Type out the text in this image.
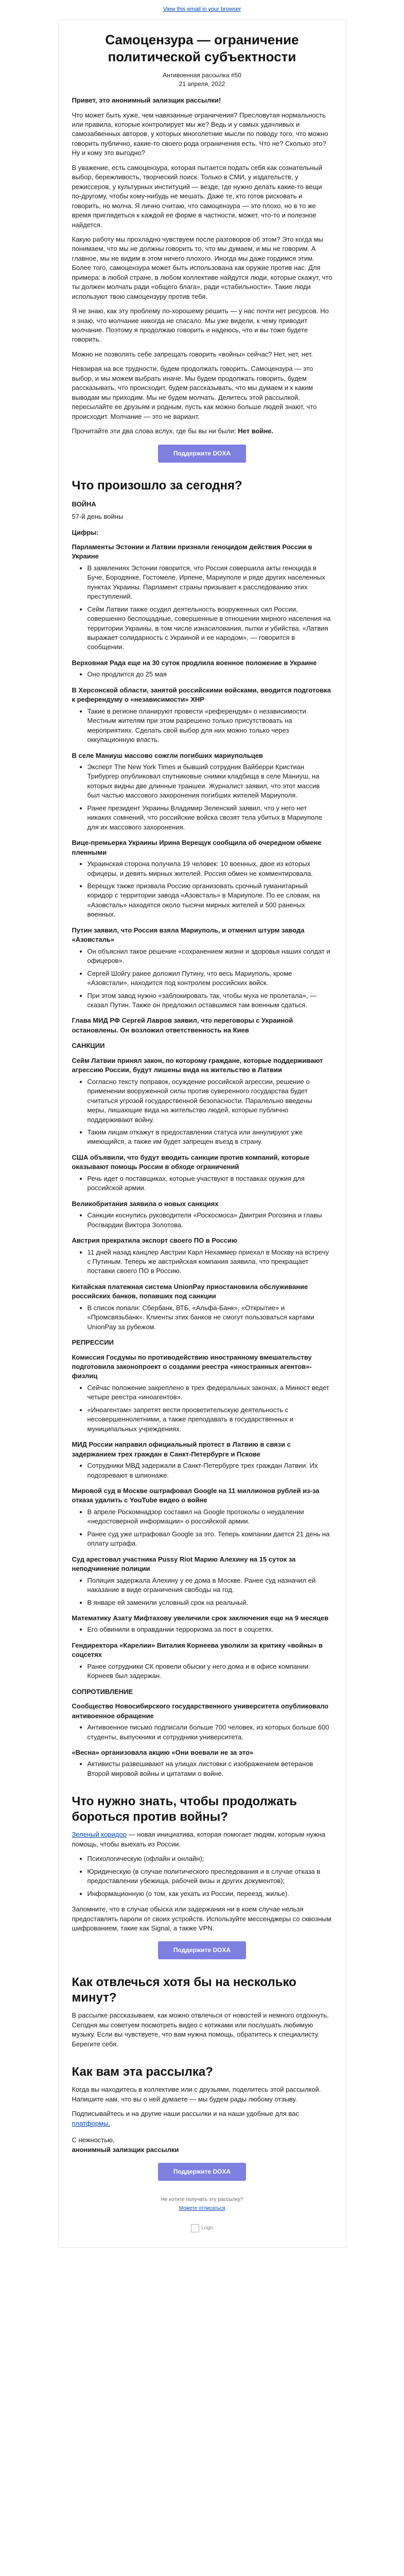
View this email in your browser
Самоцензура — ограничение политической субъектности
Антивоенная рассылка #50
21 апреля, 2022

Привет, это анонимный зализщик рассылки!

Что может быть хуже, чем навязанные ограничения? Пресловутая нормальность или правила, которые контролирует мы же? Ведь и у самых удачливых и самозабвенных авторов, у которых многолетние мысли по поводу того, что можно говорить публично, какие-то своего рода ограничения есть. Что не? Сколько это? Ну и кому это выгодно?

В уважение, есть самоцензура, которая пытается подать себя как сознательный выбор, бережливость, творческий поиск. Только в СМИ, у издательств, у режиссеров, у культурных институций — везде, где нужно делать какие-то вещи по-другому, чтобы кому-нибудь не мешать. Даже те, кто готов рисковать и говорить, но молча. Я лично считаю, что самоцензура — это плохо, но в то же время приглядеться к каждой ее форме в частности, может, что-то и полезное найдется.

Какую работу мы прохладно чувствуем после разговоров об этом? Это когда мы понимаем, что мы не должны говорить то, что мы думаем, и мы не говорим. А главное, мы не видим в этом ничего плохого. Иногда мы даже гордимся этим. Более того, самоцензура может быть использована как оружие против нас. Для примера: в любой стране, в любом коллективе найдутся люди, которые скажут, что ты должен молчать ради «общего блага», ради «стабильности». Такие люди используют твою самоцензуру против тебя.

Я не знаю, как эту проблему по-хорошему решить — у нас почти нет ресурсов. Но я знаю, что молчание никогда не спасало. Мы уже видели, к чему приводит молчание. Поэтому я продолжаю говорить и надеюсь, что и вы тоже будете говорить.

Можно не позволять себе запрещать говорить «войны» сейчас? Нет, нет, нет.

Невзирая на все трудности, будем продолжать говорить. Самоцензура — это выбор, и мы можем выбрать иначе. Мы будем продолжать говорить, будем рассказывать, что происходит, будем рассказывать, что мы думаем и к каким выводам мы приходим. Мы не будем молчать. Делитесь этой рассылкой, пересылайте ее друзьям и родным, пусть как можно больше людей знают, что происходит. Молчание — это не вариант.

Прочитайте эти два слова вслух, где бы вы ни были: Нет войне.

Поддержите DOXA
Что произошло за сегодня?
ВОЙНА

57-й день войны

Цифры:

Парламенты Эстонии и Латвии признали геноцидом действия России в Украине

• В заявлениях Эстонии говорится, что Россия совершила акты геноцида в Буче, Бородянке, Гостомеле, Ирпене, Мариуполе и ряде других населенных пунктах Украины. Парламент страны призывает к расследованию этих преступлений.
• Сейм Латвии также осудил деятельность вооруженных сил России, совершенно беспощадные, совершенные в отношении мирного населения на территории Украины, в том числе изнасилования, пытки и убийства. «Латвия выражает солидарность с Украиной и ее народом», — говорится в сообщении.

Верховная Рада еще на 30 суток продлила военное положение в Украине

• Оно продлится до 25 мая

В Херсонской области, занятой российскими войсками, вводится подготовка к референдуму о «независимости» ХНР

• Такие в регионе планируют провести «референдум» о независимости. Местным жителям при этом разрешено только присутствовать на мероприятиях. Сделать свой выбор для них можно только через оккупационную власть.

В селе Маниуш массово сожгли погибших мариупольцев

• Эксперт The New York Times и бывший сотрудник Вайберри Кристиан Трибургер опубликовал спутниковые снимки кладбища в селе Маниуш, на которых видны две длинные траншеи. Журналист заявил, что этот массив был частью массового захоронения погибших жителей Мариуполя.
• Ранее президент Украины Владимир Зеленский заявил, что у него нет никаких сомнений, что российские войска свозят тела убитых в Мариуполе для их массового захоронения.

Вице-премьерка Украины Ирина Верещук сообщила об очередном обмене пленными

• Украинская сторона получила 19 человек: 10 военных, двое из которых офицеры, и девять мирных жителей. Россия обмен не комментировала.
• Верещук также призвала Россию организовать срочный гуманитарный коридор с территории завода «Азовсталь» в Мариуполе. По ее словам, на «Азовсталь» находятся около тысячи мирных жителей и 500 раненых военных.

Путин заявил, что Россия взяла Мариуполь, и отменил штурм завода «Азовсталь»

• Он объяснил такое решение «сохранением жизни и здоровья наших солдат и офицеров».
• Сергей Шойгу ранее доложил Путину, что весь Мариуполь, кроме «Азовстали», находится под контролем российских войск.
• При этом завод нужно «заблокировать так, чтобы муха не пролетала», — сказал Путин. Также он предложил оставшимся там военным сдаться.

Глава МИД РФ Сергей Лавров заявил, что переговоры с Украиной остановлены. Он возложил ответственность на Киев

САНКЦИИ

Сейм Латвии принял закон, по которому граждане, которые поддерживают агрессию России, будут лишены вида на жительство в Латвии

• Согласно тексту поправок, осуждение российской агрессии, решение о применении вооруженной силы против суверенного государства будет считаться угрозой государственной безопасности. Паралельно введены меры, лишающие вида на жительство людей, которые публично поддерживают войну.
• Таким лицам откажут в предоставлении статуса или аннулируют уже имеющийся, а также им будет запрещен въезд в страну.

США объявили, что будут вводить санкции против компаний, которые оказывают помощь России в обходе ограничений

• Речь идет о поставщиках, которые участвуют в поставках оружия для российской армии.

Великобритания заявила о новых санкциях

• Санкции коснулись руководителя «Роскосмоса» Дмитрия Рогозина и главы Росгвардии Виктора Золотова.

Австрия прекратила экспорт своего ПО в Россию

• 11 дней назад канцлер Австрии Карл Нехаммер приехал в Москву на встречу с Путиным. Теперь же австрийская компания заявила, что прекращает поставки своего ПО в Россию.

Китайская платежная система UnionPay приостановила обслуживание российских банков, попавших под санкции

• В список попали: Сбербанк, ВТБ, «Альфа-Банк», «Открытие» и «Промсвязьбанк». Клиенты этих банков не смогут пользоваться картами UnionPay за рубежом.
РЕПРЕССИИ

Комиссия Госдумы по противодействию иностранному вмешательству подготовила законопроект о создании реестра «иностранных агентов»-физлиц

• Сейчас положение закреплено в трех федеральных законах, а Минюст ведет четыре реестра «иноагентов».
• «Иноагентам» запретят вести просветительскую деятельность с несовершеннолетними, а также преподавать в государственных и муниципальных учреждениях.

МИД России направил официальный протест в Латвию в связи с задержанием трех граждан в Санкт-Петербурге и Пскове

• Сотрудники МВД задержали в Санкт-Петербурге трех граждан Латвии. Их подозревают в шпионаже.

Мировой суд в Москве оштрафовал Google на 11 миллионов рублей из-за отказа удалить с YouTube видео о войне

• В апреле Роскомнадзор составил на Google протоколы о неудалении «недостоверной информации» о российской армии.
• Ранее суд уже штрафовал Google за это. Теперь компании дается 21 день на оплату штрафа.

Суд арестовал участника Pussy Riot Марию Алехину на 15 суток за неподчинение полиции

• Полиция задержала Алехину у ее дома в Москве. Ранее суд назначил ей наказание в виде ограничения свободы на год.
• В январе ей заменили условный срок на реальный.

Математику Азату Мифтахову увеличили срок заключения еще на 9 месяцев

• Его обвинили в оправдании терроризма за пост в соцсетях.

Гендиректора «Карелии» Виталия Корнеева уволили за критику «войны» в соцсетях

• Ранее сотрудники СК провели обыски у него дома и в офисе компании. Корнеев был задержан.
СОПРОТИВЛЕНИЕ

Сообщество Новосибирского государственного университета опубликовало антивоенное обращение

• Антивоенное письмо подписали больше 700 человек, из которых больше 600 студенты, выпускники и сотрудники университета.

«Весна» организовала акцию «Они воевали не за это»

• Активисты развешивают на улицах листовки с изображением ветеранов Второй мировой войны и цитатами о войне.
Что нужно знать, чтобы продолжать бороться против войны?

Зеленый коридор — новая инициатива, которая помогает людям, которым нужна помощь, чтобы выехать из России.

• Психологическую (офлайн и онлайн);
• Юридическую (в случае политического преследования и в случае отказа в предоставлении убежища, рабочей визы и других документов);
• Информационную (о том, как уехать из России, переезд, жилье).

Запомните, что в случае обыска или задержания ни в коем случае нельзя предоставлять пароли от своих устройств. Используйте мессенджеры со сквозным шифрованием, такие как Signal, а также VPN.

Поддержите DOXA
Как отвлечься хотя бы на несколько минут?

В рассылке рассказываем, как можно отвлечься от новостей и немного отдохнуть. Сегодня мы советуем посмотреть видео с котиками или послушать любимую музыку. Если вы чувствуете, что вам нужна помощь, обратитесь к специалисту. Берегите себя.

Как вам эта рассылка?

Когда вы находитесь в коллективе или с друзьями, поделитесь этой рассылкой. Напишите нам, что вы о ней думаете — мы будем рады любому отзыву.

Подписывайтесь и на другие наши рассылки и на наши удобные для вас платформы.

С нежностью,

анонимный зализщик рассылки

Поддержите DOXA
Не хотите получать эту рассылку?
Можете отписаться
Logo
